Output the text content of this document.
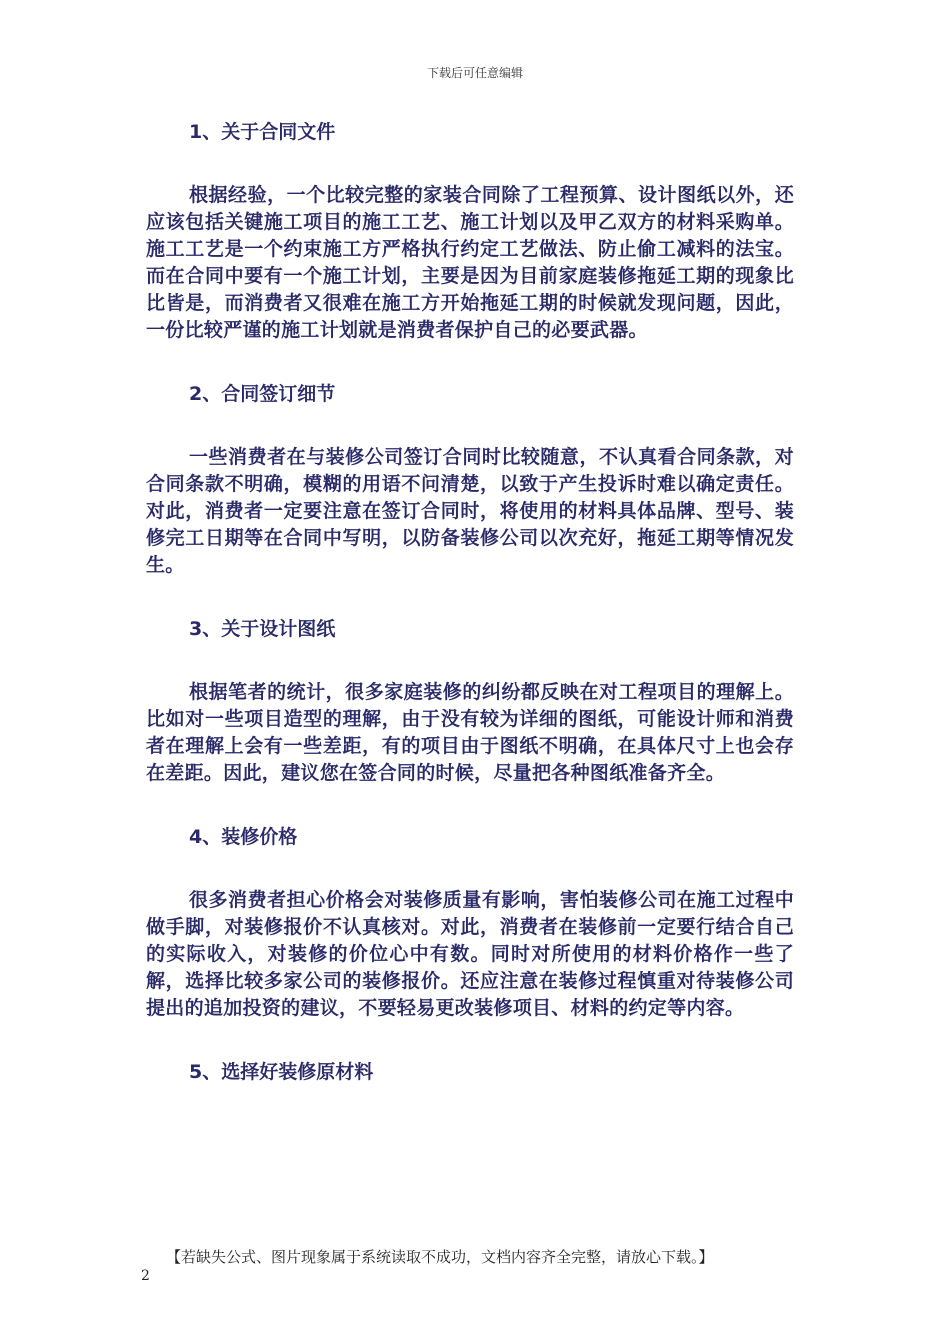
下载后可任意编辑

1、关于合同文件

根据经验，一个比较完整的家装合同除了工程预算、设计图纸以外，还应该包括关键施工项目的施工工艺、施工计划以及甲乙双方的材料采购单。施工工艺是一个约束施工方严格执行约定工艺做法、防止偷工减料的法宝。而在合同中要有一个施工计划，主要是因为目前家庭装修拖延工期的现象比比皆是，而消费者又很难在施工方开始拖延工期的时候就发现问题，因此，一份比较严谨的施工计划就是消费者保护自己的必要武器。

2、合同签订细节

一些消费者在与装修公司签订合同时比较随意，不认真看合同条款，对合同条款不明确，模糊的用语不问清楚，以致于产生投诉时难以确定责任。对此，消费者一定要注意在签订合同时，将使用的材料具体品牌、型号、装修完工日期等在合同中写明，以防备装修公司以次充好，拖延工期等情况发生。

3、关于设计图纸

根据笔者的统计，很多家庭装修的纠纷都反映在对工程项目的理解上。比如对一些项目造型的理解，由于没有较为详细的图纸，可能设计师和消费者在理解上会有一些差距，有的项目由于图纸不明确，在具体尺寸上也会存在差距。因此，建议您在签合同的时候，尽量把各种图纸准备齐全。

4、装修价格

很多消费者担心价格会对装修质量有影响，害怕装修公司在施工过程中做手脚，对装修报价不认真核对。对此，消费者在装修前一定要行结合自己的实际收入，对装修的价位心中有数。同时对所使用的材料价格作一些了解，选择比较多家公司的装修报价。还应注意在装修过程慎重对待装修公司提出的追加投资的建议，不要轻易更改装修项目、材料的约定等内容。

5、选择好装修原材料

【若缺失公式、图片现象属于系统读取不成功，文档内容齐全完整，请放心下载。】
2
